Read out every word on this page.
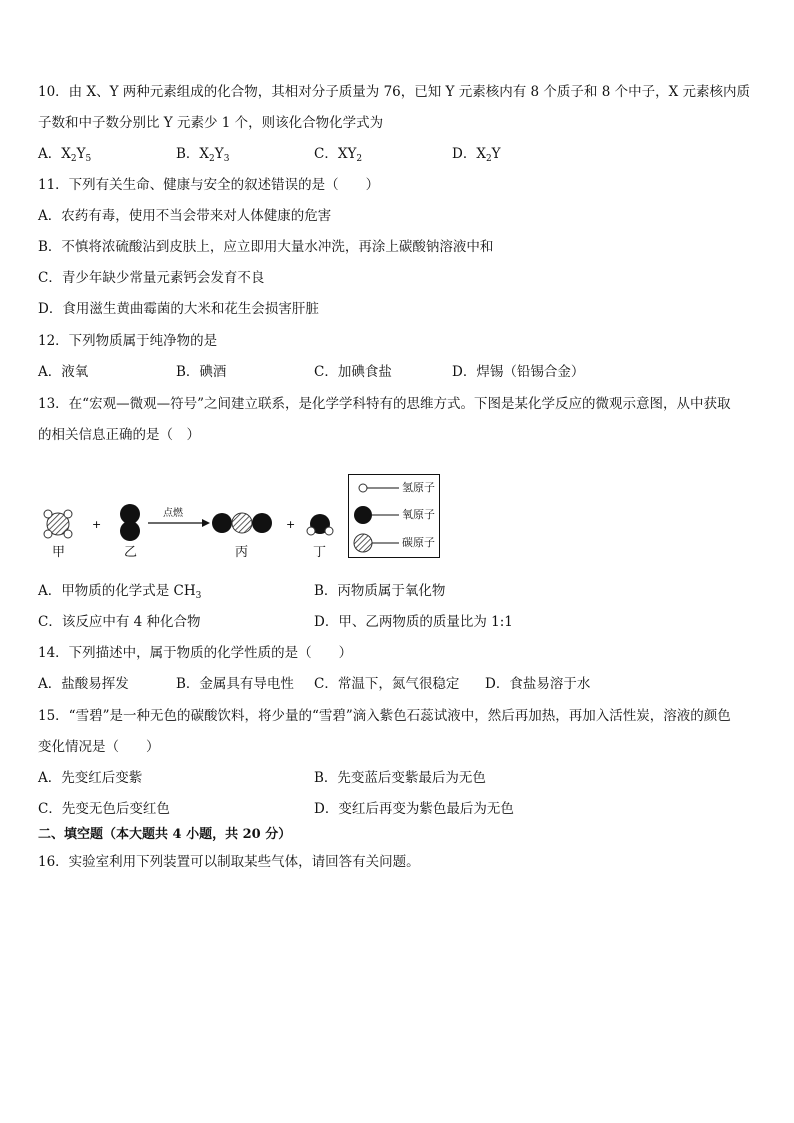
10．由 X、Y 两种元素组成的化合物，其相对分子质量为 76，已知 Y 元素核内有 8 个质子和 8 个中子，X 元素核内质
子数和中子数分别比 Y 元素少 1 个，则该化合物化学式为
A．$X_2Y_5$	B．$X_2Y_3$	C．$XY_2$	D．$X_2Y$
11．下列有关生命、健康与安全的叙述错误的是（　　）
A．农药有毒，使用不当会带来对人体健康的危害
B．不慎将浓硫酸沾到皮肤上，应立即用大量水冲洗，再涂上碳酸钠溶液中和
C．青少年缺少常量元素钙会发育不良
D．食用滋生黄曲霉菌的大米和花生会损害肝脏
12．下列物质属于纯净物的是
A．液氧	B．碘酒	C．加碘食盐	D．焊锡（铅锡合金）
13．在“宏观—微观—符号”之间建立联系，是化学学科特有的思维方式。下图是某化学反应的微观示意图，从中获取
的相关信息正确的是（　）
+	+
点燃
甲	乙	丙	丁
氢原子
氧原子
碳原子
A．甲物质的化学式是 $CH_3$	B．丙物质属于氧化物
C．该反应中有 4 种化合物	D．甲、乙两物质的质量比为 1:1
14．下列描述中，属于物质的化学性质的是（　　）
A．盐酸易挥发	B．金属具有导电性 C．常温下，氮气很稳定 D．食盐易溶于水
15．“雪碧”是一种无色的碳酸饮料，将少量的“雪碧”滴入紫色石蕊试液中，然后再加热，再加入活性炭，溶液的颜色
变化情况是（　　）
A．先变红后变紫	B．先变蓝后变紫最后为无色
C．先变无色后变红色	D．变红后再变为紫色最后为无色
二、填空题（本大题共 4 小题，共 20 分）
16．实验室利用下列装置可以制取某些气体，请回答有关问题。
